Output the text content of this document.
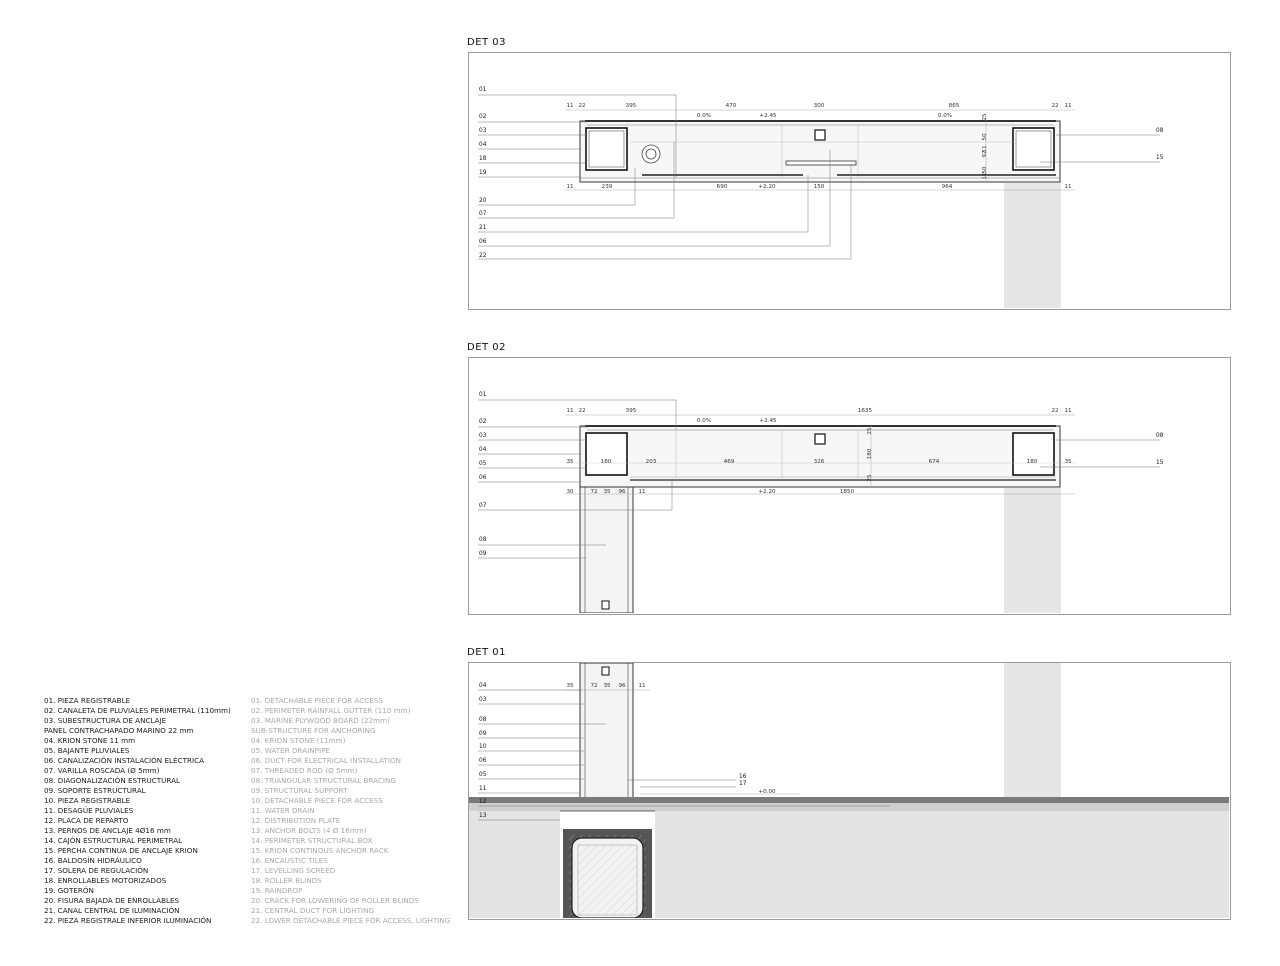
DET 03
DET 02
DET 01
01
02
03
04
18
19
20
07
21
06
22
08
15
11 22	395	470	300	865	22 11
0.0%	+2.45	0.0%
11	239	690	+2.20	150	964	11
25
50
11
92
50
11
01
02
03
04
05
06
07
08
09
08
15
11 22	395	1635	22 11
0.0%	+2.45
35	180	203	469	326	674	180	35
30	72 35 96 11	+2.20	1850
25
180
25
04
03
08
09
10
06
05
11
12
13
16
17
35	72 35 96 11
+0.00
01. PIEZA REGISTRABLE
02. CANALETA DE PLUVIALES PERIMETRAL (110mm)
03. SUBESTRUCTURA DE ANCLAJE
PANEL CONTRACHAPADO MARINO 22 mm
04. KRION STONE 11 mm
05. BAJANTE PLUVIALES
06. CANALIZACIÓN INSTALACIÓN ELÉCTRICA
07. VARILLA ROSCADA (Ø 5mm)
08. DIAGONALIZACIÓN ESTRUCTURAL
09. SOPORTE ESTRUCTURAL
10. PIEZA REGISTRABLE
11. DESAGÜE PLUVIALES
12. PLACA DE REPARTO
13. PERNOS DE ANCLAJE 4Ø16 mm
14. CAJÓN ESTRUCTURAL PERIMETRAL
15. PERCHA CONTINUA DE ANCLAJE KRION
16. BALDOSÍN HIDRÁULICO
17. SOLERA DE REGULACIÓN
18. ENROLLABLES MOTORIZADOS
19. GOTERÓN
20. FISURA BAJADA DE ENROLLABLES
21. CANAL CENTRAL DE ILUMINACIÓN
22. PIEZA REGISTRALE INFERIOR ILUMINACIÓN
01. DETACHABLE PIECE FOR ACCESS
02. PERIMETER RAINFALL GUTTER (110 mm)
03. MARINE PLYWOOD BOARD (22mm)
SUB-STRUCTURE FOR ANCHORING
04. KRION STONE (11mm)
05. WATER DRAINPIPE
06. DUCT FOR ELECTRICAL INSTALLATION
07. THREADED ROD (Ø 5mm)
08. TRIANGULAR STRUCTURAL BRACING
09. STRUCTURAL SUPPORT
10. DETACHABLE PIECE FOR ACCESS
11. WATER DRAIN
12. DISTRIBUTION PLATE
13. ANCHOR BOLTS (4 Ø 16mm)
14. PERIMETER STRUCTURAL BOX
15. KRION CONTINOUS ANCHOR RACK
16. ENCAUSTIC TILES
17. LEVELLING SCREED
18. ROLLER BLINDS
19. RAINDROP
20. CRACK FOR LOWERING OF ROLLER BLINDS
21. CENTRAL DUCT FOR LIGHTING
22. LOWER DETACHABLE PIECE FOR ACCESS, LIGHTING
